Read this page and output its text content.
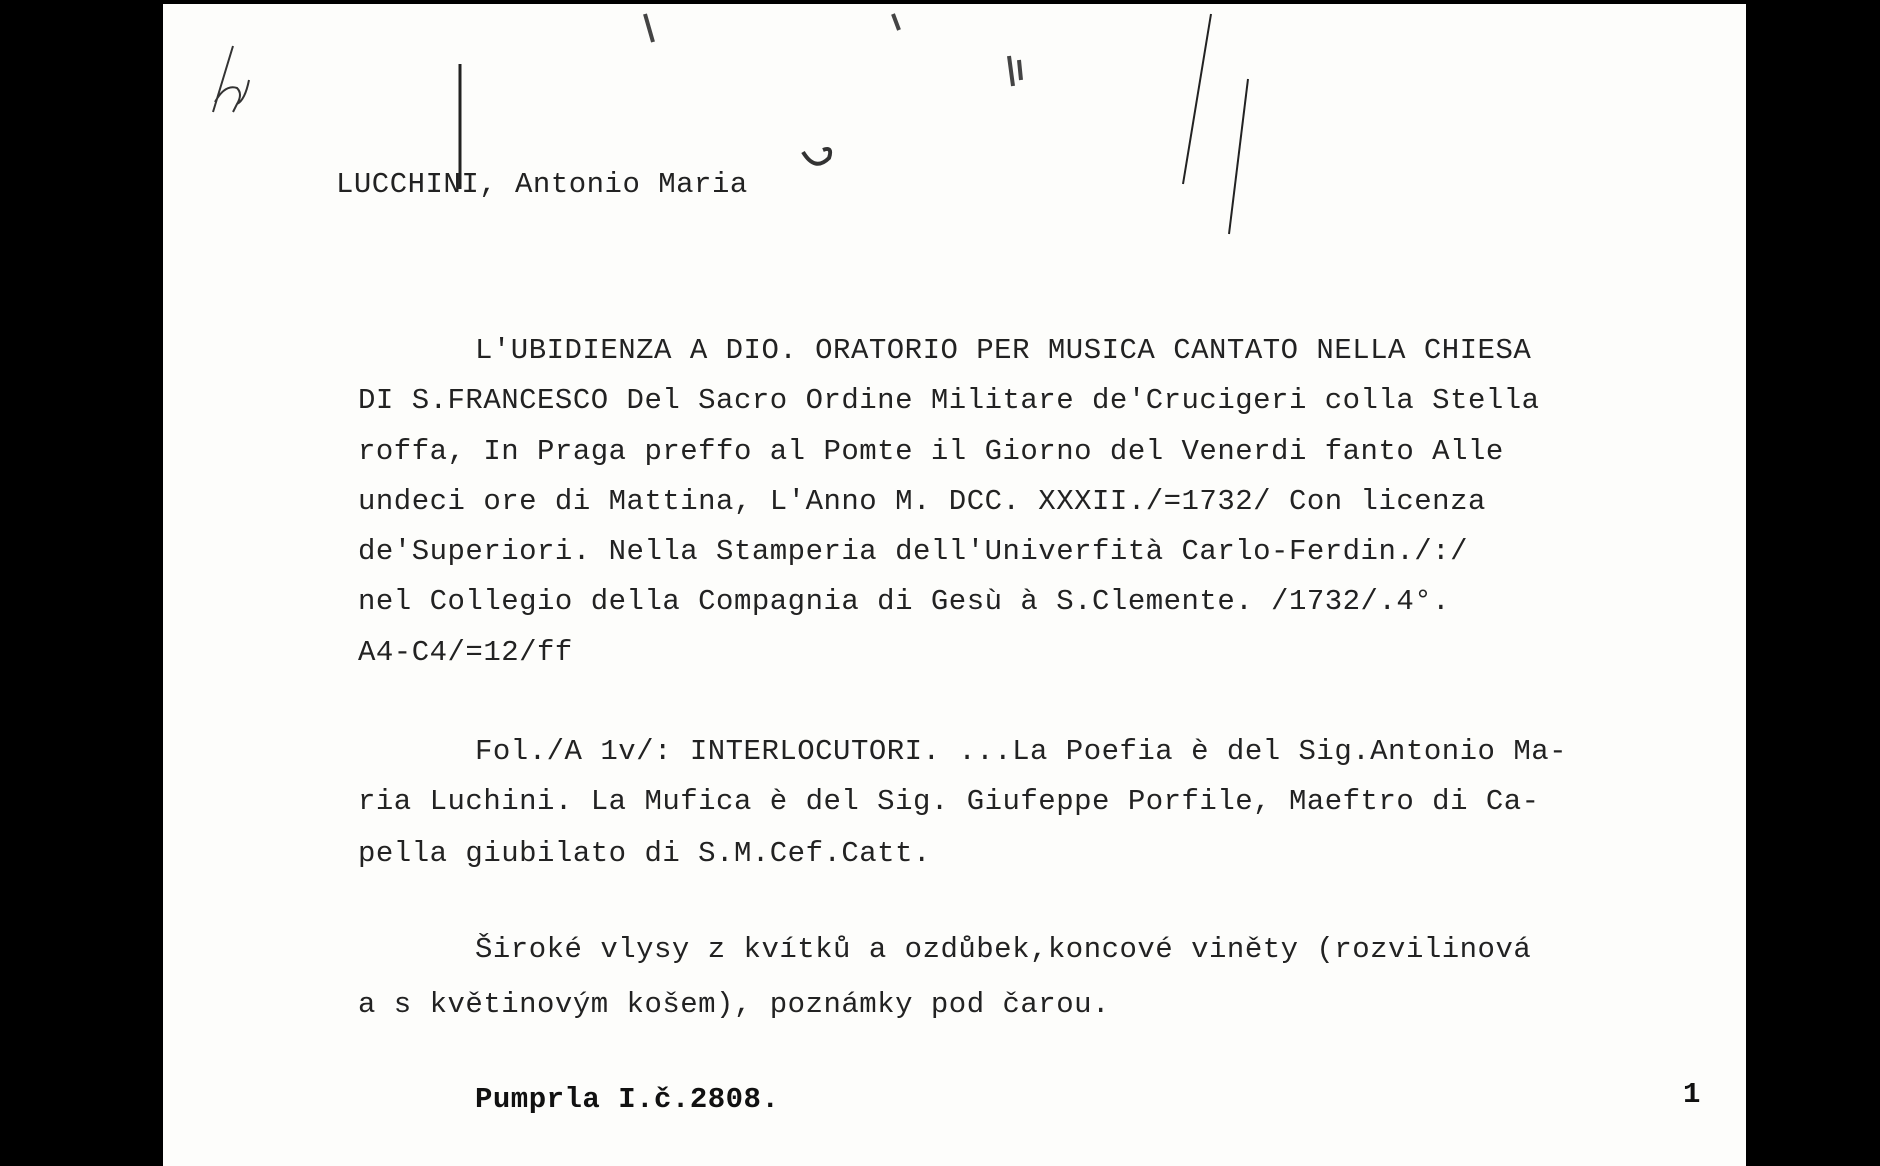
LUCCHINI, Antonio Maria
L'UBIDIENZA A DIO. ORATORIO PER MUSICA CANTATO NELLA CHIESA
DI S.FRANCESCO Del Sacro Ordine Militare de'Crucigeri colla Stella
roffa, In Praga preffo al Pomte il Giorno del Venerdi fanto Alle
undeci ore di Mattina, L'Anno M. DCC. XXXII./=1732/ Con licenza
de'Superiori. Nella Stamperia dell'Univerfità Carlo-Ferdin./:/
nel Collegio della Compagnia di Gesù à S.Clemente. /1732/.4°.
A4-C4/=12/ff
Fol./A 1v/: INTERLOCUTORI. ...La Poefia è del Sig.Antonio Ma-
ria Luchini. La Mufica è del Sig. Giufeppe Porfile, Maeftro di Ca-
pella giubilato di S.M.Cef.Catt.
Široké vlysy z kvítků a ozdůbek,koncové viněty (rozvilinová
a s květinovým košem), poznámky pod čarou.
Pumprla I.č.2808.	1
